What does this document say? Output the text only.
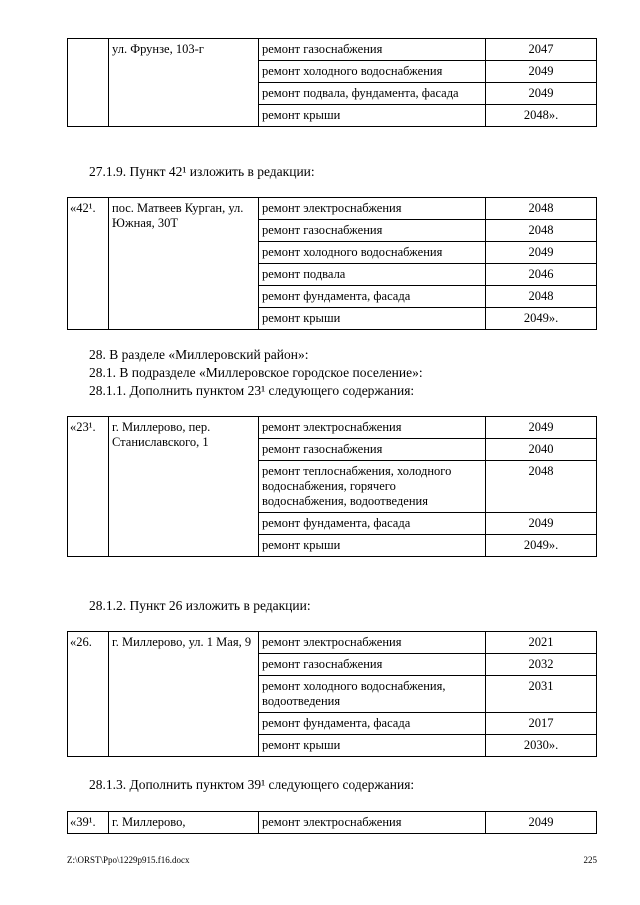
	ул. Фрунзе, 103-г	ремонт газоснабжения	2047
		ремонт холодного водоснабжения	2049
		ремонт подвала, фундамента, фасада	2049
		ремонт крыши	2048».

27.1.9. Пункт 42¹ изложить в редакции:

«42¹.	пос. Матвеев Курган, ул. Южная, 30Т	ремонт электроснабжения	2048
		ремонт газоснабжения	2048
		ремонт холодного водоснабжения	2049
		ремонт подвала	2046
		ремонт фундамента, фасада	2048
		ремонт крыши	2049».

28. В разделе «Миллеровский район»:

28.1. В подразделе «Миллеровское городское поселение»:

28.1.1. Дополнить пунктом 23¹ следующего содержания:

«23¹.	г. Миллерово, пер. Станиславского, 1	ремонт электроснабжения	2049
		ремонт газоснабжения	2040
		ремонт теплоснабжения, холодного водоснабжения, горячего водоснабжения, водоотведения	2048
		ремонт фундамента, фасада	2049
		ремонт крыши	2049».

28.1.2. Пункт 26 изложить в редакции:

«26.	г. Миллерово, ул. 1 Мая, 9	ремонт электроснабжения	2021
		ремонт газоснабжения	2032
		ремонт холодного водоснабжения, водоотведения	2031
		ремонт фундамента, фасада	2017
		ремонт крыши	2030».

28.1.3. Дополнить пунктом 39¹ следующего содержания:

«39¹.	г. Миллерово,	ремонт электроснабжения	2049
Z:\ORST\Ppo\1229p915.f16.docx	225
